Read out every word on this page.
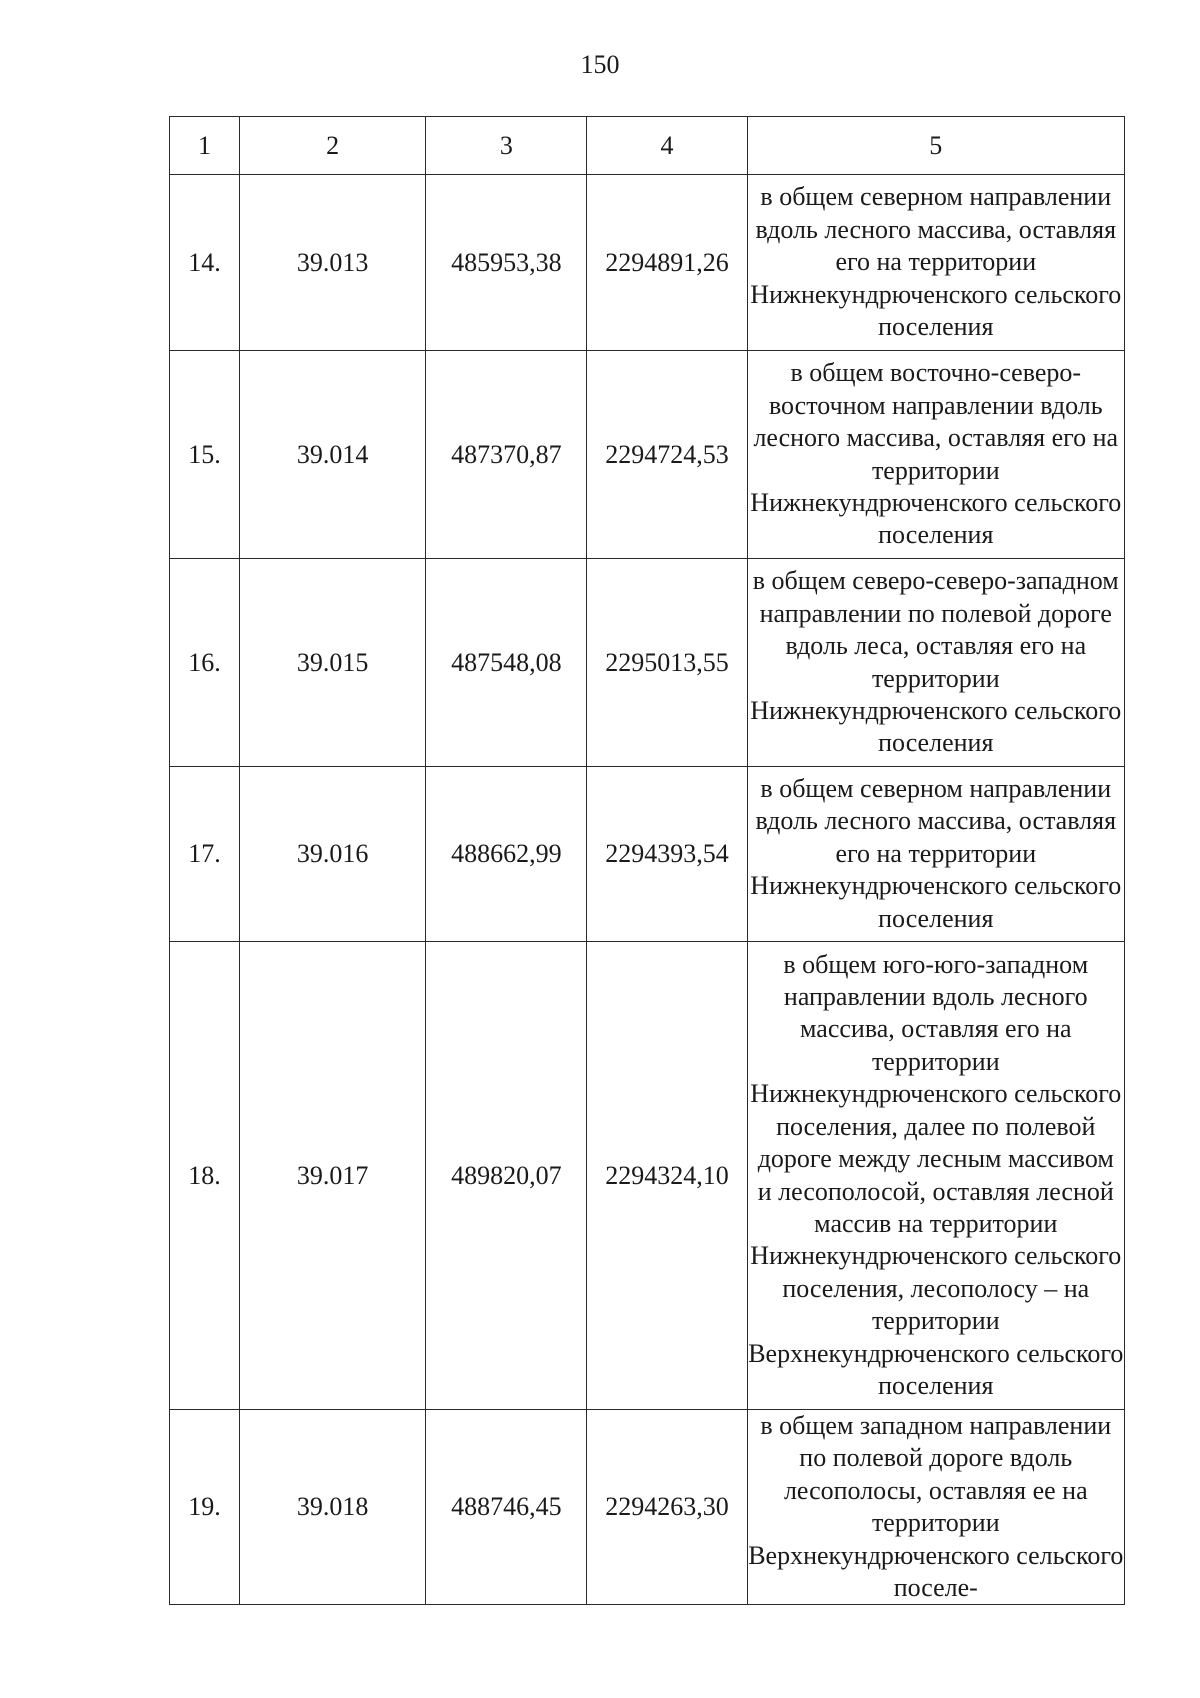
150
1	2	3	4	5
14.	39.013	485953,38	2294891,26	в общем северном направлении вдоль лесного массива, оставляя его на территории Нижнекундрюченского сельского поселения
15.	39.014	487370,87	2294724,53	в общем восточно-северо-восточном направлении вдоль лесного массива, оставляя его на территории Нижнекундрюченского сельского поселения
16.	39.015	487548,08	2295013,55	в общем северо-северо-западном направлении по полевой дороге вдоль леса, оставляя его на территории Нижнекундрюченского сельского поселения
17.	39.016	488662,99	2294393,54	в общем северном направлении вдоль лесного массива, оставляя его на территории Нижнекундрюченского сельского поселения
18.	39.017	489820,07	2294324,10	в общем юго-юго-западном направлении вдоль лесного массива, оставляя его на территории Нижнекундрюченского сельского поселения, далее по полевой дороге между лесным массивом и лесополосой, оставляя лесной массив на территории Нижнекундрюченского сельского поселения, лесополосу – на территории Верхнекундрюченского сельского поселения
19.	39.018	488746,45	2294263,30	в общем западном направлении по полевой дороге вдоль лесополосы, оставляя ее на территории Верхнекундрюченского сельского поселе-
